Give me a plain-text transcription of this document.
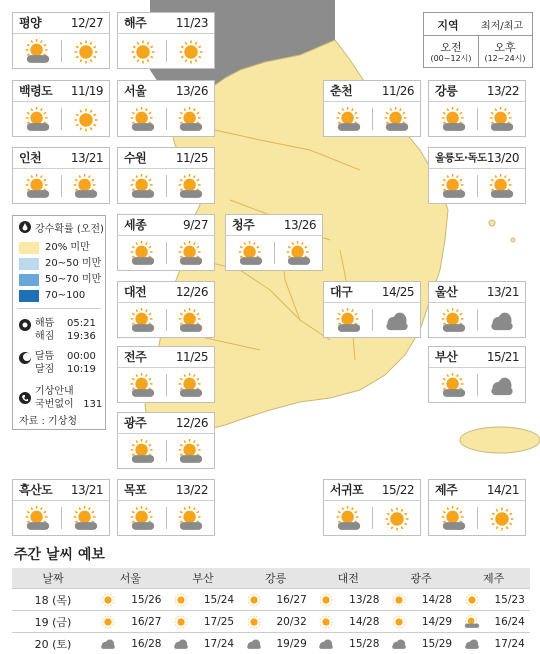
평양 12/27 해주 11/23
백령도 11/19 서울 13/26	춘천 11/26 강릉 13/22
인천 13/21 수원 11/25	울릉도·독도 13/20
세종	9/27 청주 13/26
대전 12/26	대구 14/25 울산 13/21
전주 11/25	부산 15/21
광주 12/26
흑산도 13/21 목포 13/22	서귀포 15/22 제주 14/21
지역	최저/최고
오전
(00~12시)
오후
(12~24시)
강수확률 (오전)
20% 미만
20~50 미만
50~70 미만
70~100
해뜸 05:21
해짐 19:36
달뜸 00:00
달짐 10:19
기상안내
국번없이 131
자료 : 기상청
주간 날씨 예보
날짜	서울	부산	강릉	대전	광주	제주
18 (목)	15/26	15/24	16/27	13/28	14/28	15/23
19 (금)	16/27	17/25	20/32	14/28	14/29	16/24
20 (토)	16/28	17/24	19/29	15/28	15/29	17/24
